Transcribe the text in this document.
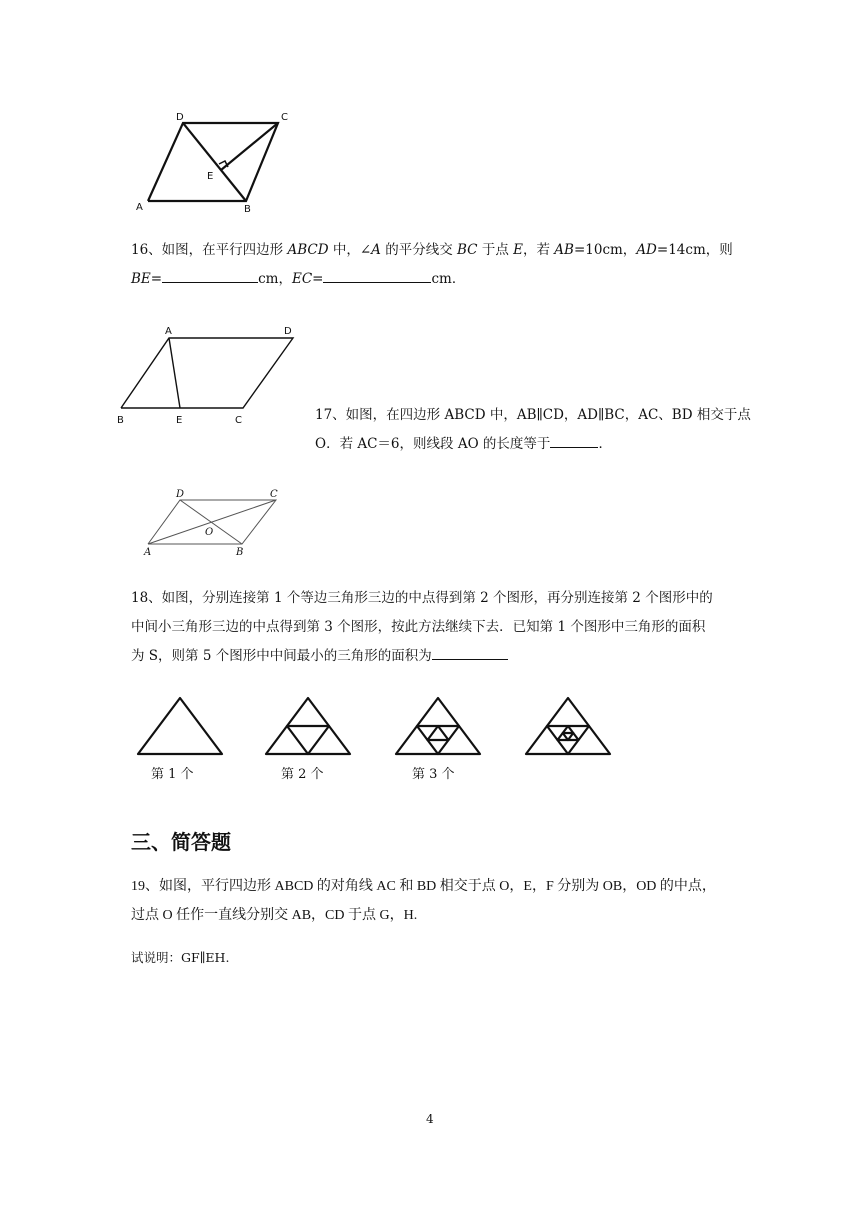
D	C
E
A	B
16、如图，在平行四边形 ABCD 中，∠A 的平分线交 BC 于点 E，若 AB=10cm，AD=14cm，则
BE=	cm，EC=	cm．
A	D
B	E	C	17、如图，在四边形 ABCD 中，AB∥CD，AD∥BC，AC、BD 相交于点
O．若 AC＝6，则线段 AO 的长度等于	．
D	C
O
A	B
18、如图，分别连接第 1 个等边三角形三边的中点得到第 2 个图形，再分别连接第 2 个图形中的
中间小三角形三边的中点得到第 3 个图形，按此方法继续下去．已知第 1 个图形中三角形的面积
为 S，则第 5 个图形中中间最小的三角形的面积为
第 1 个	第 2 个	第 3 个
三、简答题
19、如图，平行四边形 ABCD 的对角线 AC 和 BD 相交于点 O，E，F 分别为 OB，OD 的中点，
过点 O 任作一直线分别交 AB，CD 于点 G，H.
试说明：GF∥EH.
4
